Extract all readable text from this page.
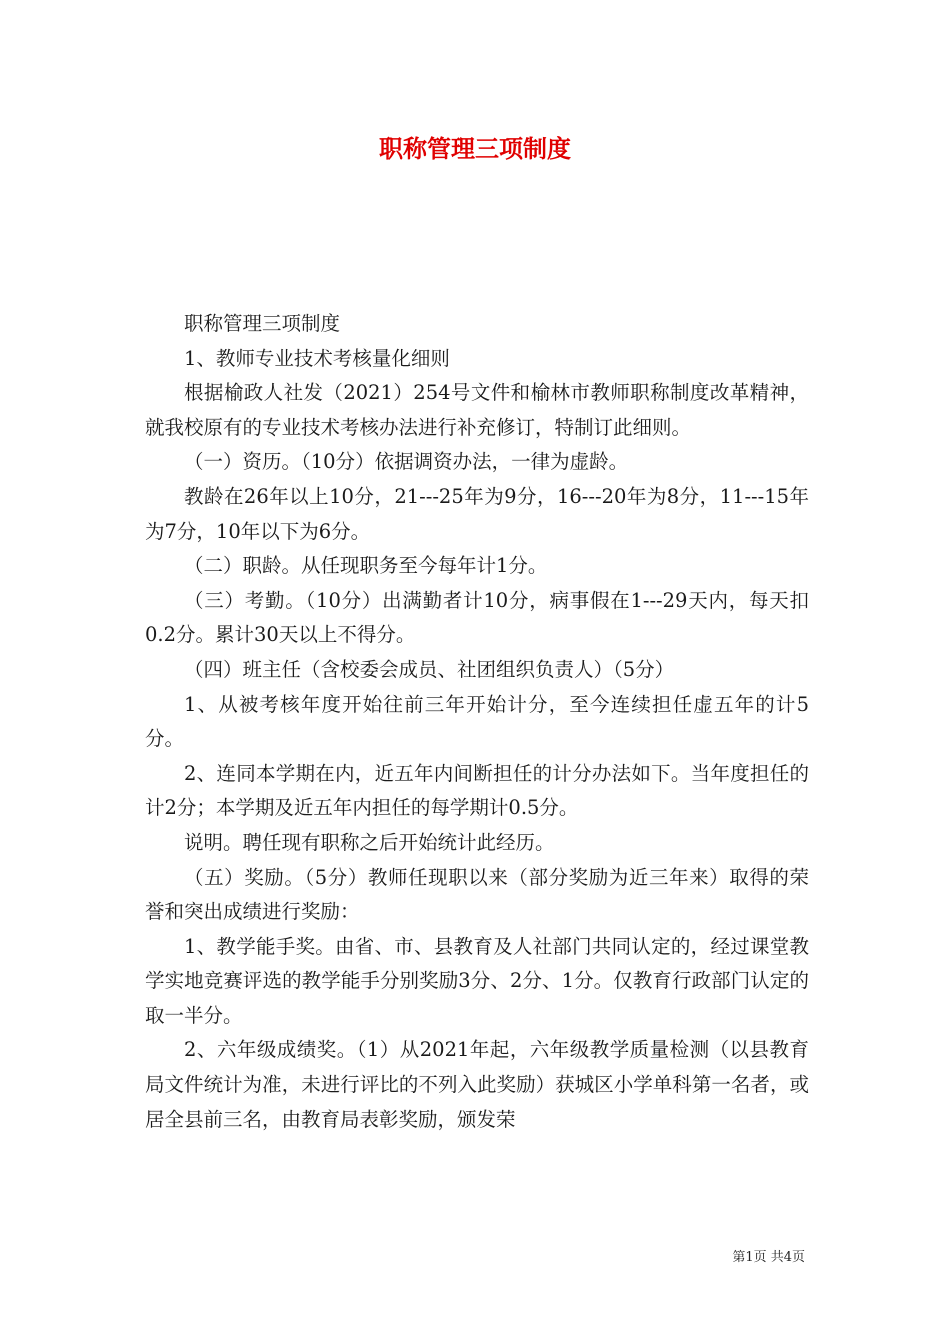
职称管理三项制度

职称管理三项制度

1、教师专业技术考核量化细则

根据榆政人社发（2021）254号文件和榆林市教师职称制度改革精神，就我校原有的专业技术考核办法进行补充修订，特制订此细则。

（一）资历。（10分）依据调资办法，一律为虚龄。

教龄在26年以上10分，21---25年为9分，16---20年为8分，11---15年为7分，10年以下为6分。

（二）职龄。从任现职务至今每年计1分。

（三）考勤。（10分）出满勤者计10分，病事假在1---29天内，每天扣0.2分。累计30天以上不得分。

（四）班主任（含校委会成员、社团组织负责人）（5分）

1、从被考核年度开始往前三年开始计分，至今连续担任虚五年的计5分。

2、连同本学期在内，近五年内间断担任的计分办法如下。当年度担任的计2分；本学期及近五年内担任的每学期计0.5分。

说明。聘任现有职称之后开始统计此经历。

（五）奖励。（5分）教师任现职以来（部分奖励为近三年来）取得的荣誉和突出成绩进行奖励：

1、教学能手奖。由省、市、县教育及人社部门共同认定的，经过课堂教学实地竞赛评选的教学能手分别奖励3分、2分、1分。仅教育行政部门认定的取一半分。

2、六年级成绩奖。（1）从2021年起，六年级教学质量检测（以县教育局文件统计为准，未进行评比的不列入此奖励）获城区小学单科第一名者，或居全县前三名，由教育局表彰奖励，颁发荣

第1页 共4页
